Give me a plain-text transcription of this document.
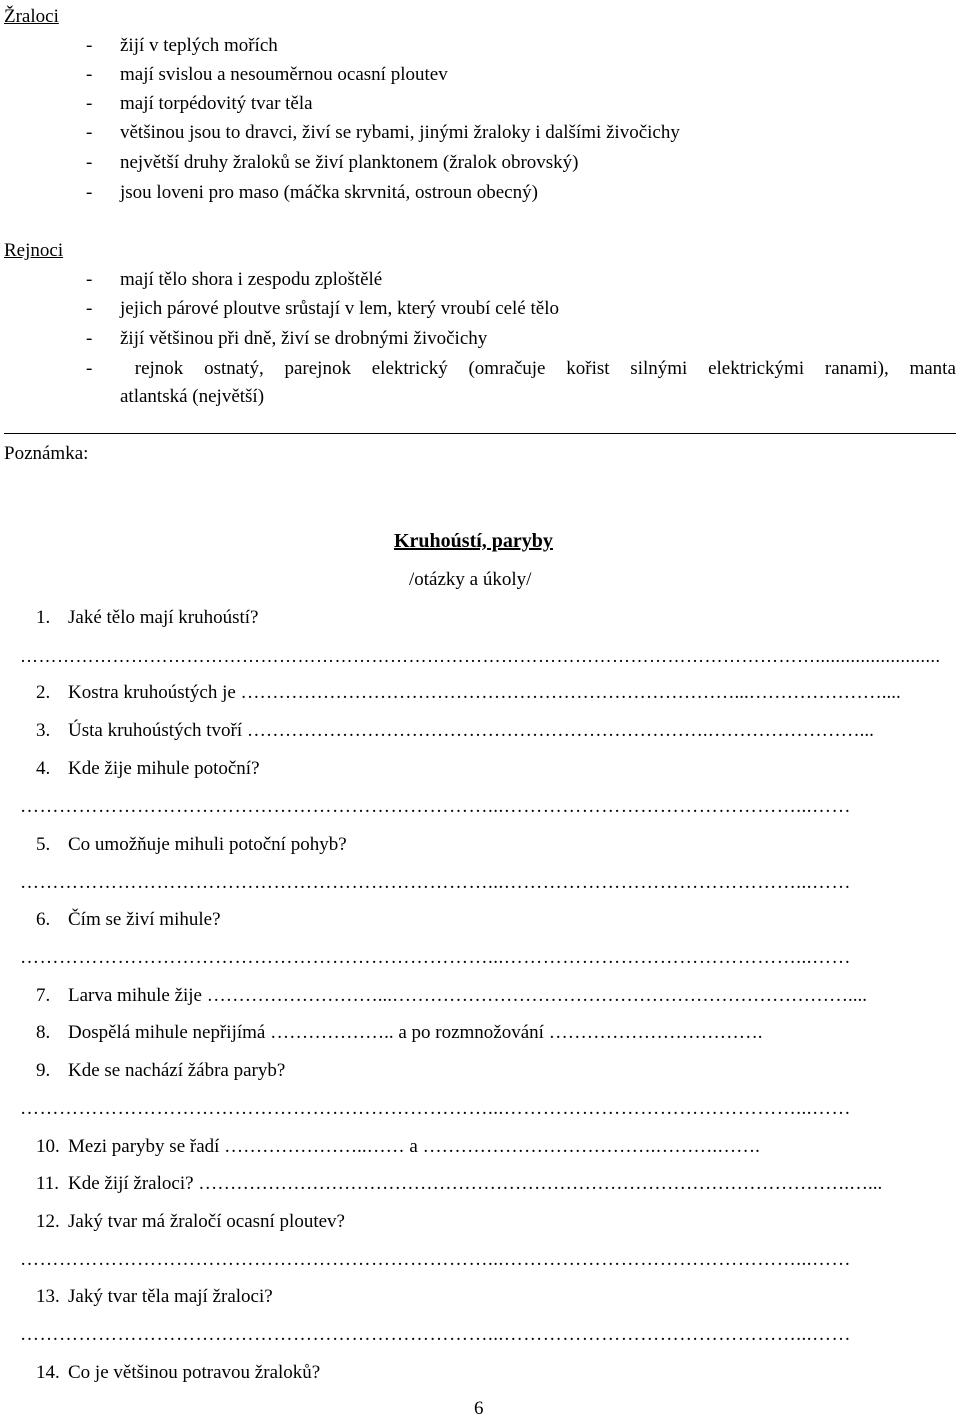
Žraloci
- žijí v teplých mořích
- mají svislou a nesouměrnou ocasní ploutev
- mají torpédovitý tvar těla
- většinou jsou to dravci, živí se rybami, jinými žraloky i dalšími živočichy
- největší druhy žraloků se živí planktonem (žralok obrovský)
- jsou loveni pro maso (máčka skrvnitá, ostroun obecný)
Rejnoci
- mají tělo shora i zespodu zploštělé
- jejich párové ploutve srůstají v lem, který vroubí celé tělo
- žijí většinou při dně, živí se drobnými živočichy
-	rejnok ostnatý, parejnok elektrický (omračuje kořist silnými elektrickými ranami), manta
atlantská (největší)
Poznámka:
Kruhoústí, paryby
/otázky a úkoly/
1. Jaké tělo mají kruhoústí?
………………………………………………………………………………………………………………….........................
2. Kostra kruhoústých je ……………………………………………………………………...…………………....
3. Ústa kruhoústých tvoří ……………………………………………………………….……………………...
4. Kde žije mihule potoční?
………………………………………………………………...………………………………………...……
5. Co umožňuje mihuli potoční pohyb?
………………………………………………………………...………………………………………...……
6. Čím se živí mihule?
………………………………………………………………...………………………………………...……
7. Larva mihule žije ………………………...………………………………………………………………....
8. Dospělá mihule nepřijímá ……………….. a po rozmnožování …………………………….
9. Kde se nachází žábra paryb?
………………………………………………………………...………………………………………...……
10. Mezi paryby se řadí …………………..…… a ……………………………….……….…….
11. Kde žijí žraloci? ………………………………………………………………………………………….…...
12. Jaký tvar má žraločí ocasní ploutev?
………………………………………………………………...………………………………………...……
13. Jaký tvar těla mají žraloci?
………………………………………………………………...………………………………………...……
14. Co je většinou potravou žraloků?
6
